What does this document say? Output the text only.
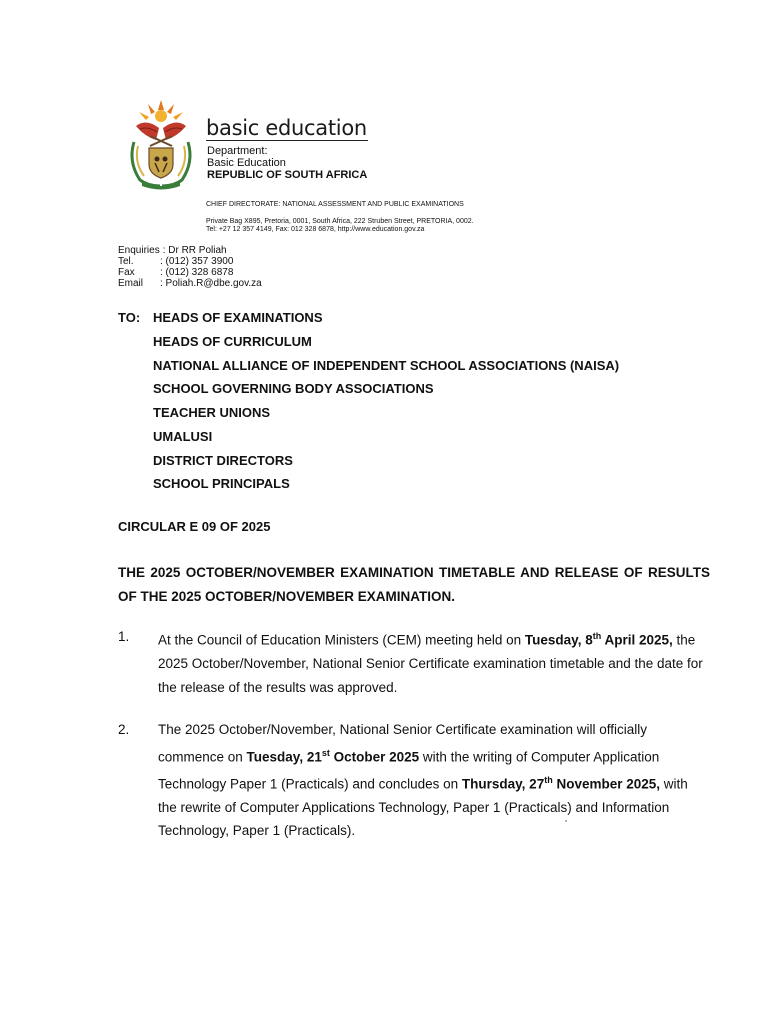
basic education
Department:
Basic Education
REPUBLIC OF SOUTH AFRICA
CHIEF DIRECTORATE: NATIONAL ASSESSMENT AND PUBLIC EXAMINATIONS
Private Bag X895, Pretoria, 0001, South Africa, 222 Struben Street, PRETORIA, 0002.
Tel: +27 12 357 4149, Fax: 012 328 6878, http://www.education.gov.za
Enquiries : Dr RR Poliah
Tel.	: (012) 357 3900
Fax	: (012) 328 6878
Email : Poliah.R@dbe.gov.za
TO: HEADS OF EXAMINATIONS
HEADS OF CURRICULUM
NATIONAL ALLIANCE OF INDEPENDENT SCHOOL ASSOCIATIONS (NAISA)
SCHOOL GOVERNING BODY ASSOCIATIONS
TEACHER UNIONS
UMALUSI
DISTRICT DIRECTORS
SCHOOL PRINCIPALS
CIRCULAR E 09 OF 2025
THE 2025 OCTOBER/NOVEMBER EXAMINATION TIMETABLE AND RELEASE OF RESULTS OF THE 2025 OCTOBER/NOVEMBER EXAMINATION.
1. At the Council of Education Ministers (CEM) meeting held on Tuesday, 8th April 2025, the 2025 October/November, National Senior Certificate examination timetable and the date for the release of the results was approved.
2. The 2025 October/November, National Senior Certificate examination will officially commence on Tuesday, 21st October 2025 with the writing of Computer Application Technology Paper 1 (Practicals) and concludes on Thursday, 27th November 2025, with the rewrite of Computer Applications Technology, Paper 1 (Practicals) and Information Technology, Paper 1 (Practicals).
